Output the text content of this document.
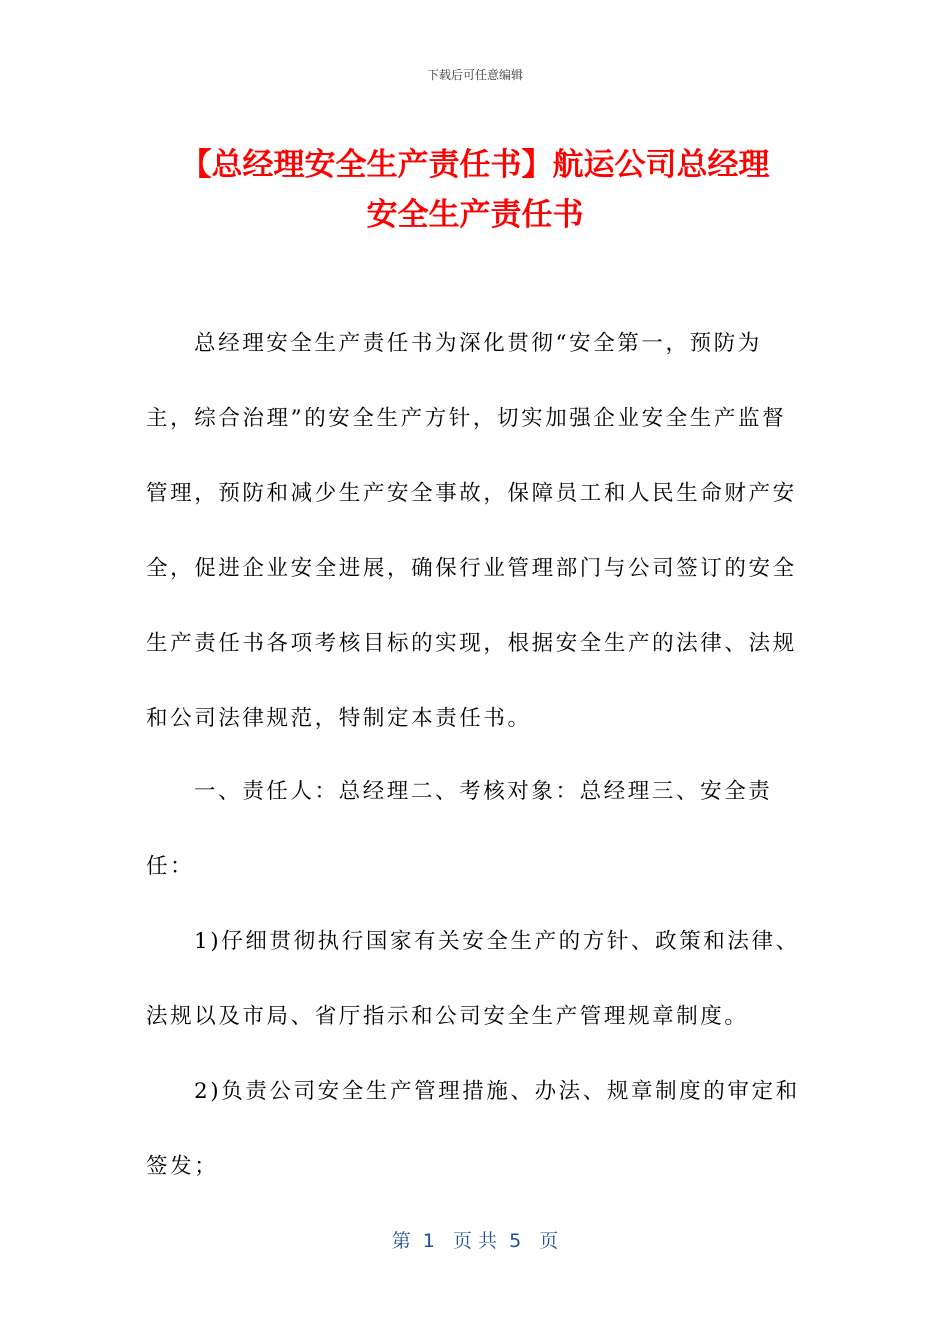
下载后可任意编辑
【总经理安全生产责任书】航运公司总经理
安全生产责任书

总经理安全生产责任书为深化贯彻“安全第一，预防为主，综合治理”的安全生产方针，切实加强企业安全生产监督管理，预防和减少生产安全事故，保障员工和人民生命财产安全，促进企业安全进展，确保行业管理部门与公司签订的安全生产责任书各项考核目标的实现，根据安全生产的法律、法规和公司法律规范，特制定本责任书。

一、责任人：总经理二、考核对象：总经理三、安全责任：

1)仔细贯彻执行国家有关安全生产的方针、政策和法律、法规以及市局、省厅指示和公司安全生产管理规章制度。

2)负责公司安全生产管理措施、办法、规章制度的审定和签发；

第  1   页 共  5   页
